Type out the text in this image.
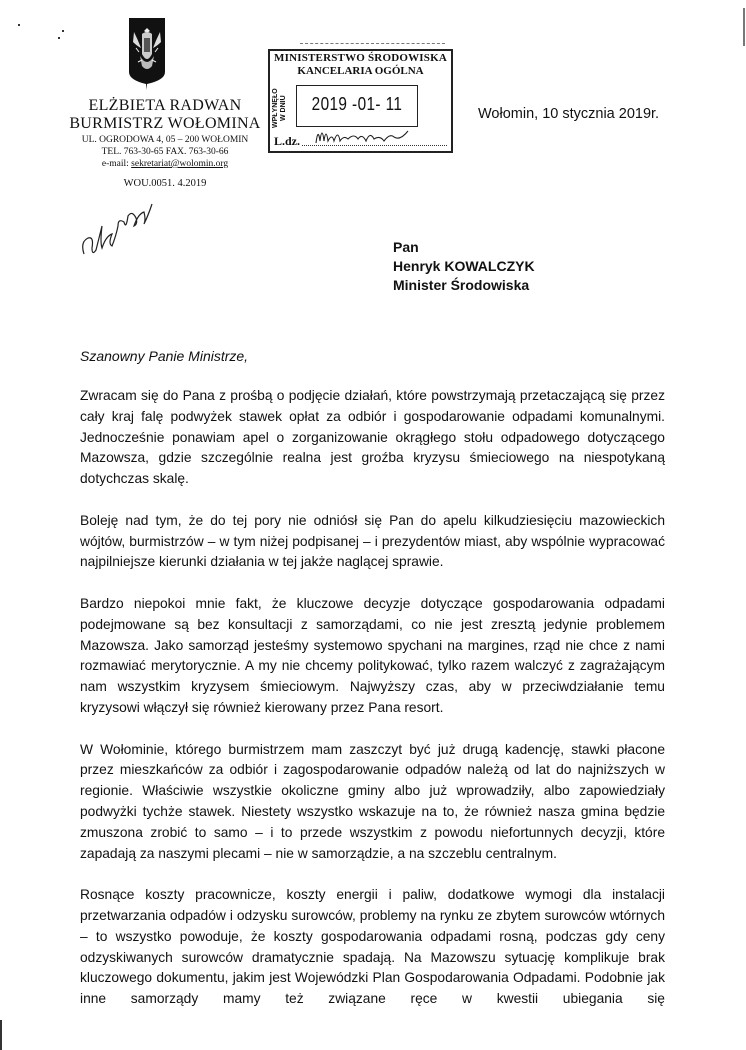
ELŻBIETA RADWAN
BURMISTRZ WOŁOMINA
UL. OGRODOWA 4, 05 – 200 WOŁOMIN
TEL. 763-30-65 FAX. 763-30-66
e-mail: sekretariat@wolomin.org
WOU.0051. 4.2019
MINISTERSTWO ŚRODOWISKA
KANCELARIA OGÓLNA
WPŁYNĘŁO W DNIU	2019 -01- 11
L.dz.
Wołomin, 10 stycznia 2019r.
Pan
Henryk KOWALCZYK
Minister Środowiska
Szanowny Panie Ministrze,

Zwracam się do Pana z prośbą o podjęcie działań, które powstrzymają przetaczającą się przez cały kraj falę podwyżek stawek opłat za odbiór i gospodarowanie odpadami komunalnymi. Jednocześnie ponawiam apel o zorganizowanie okrągłego stołu odpadowego dotyczącego Mazowsza, gdzie szczególnie realna jest groźba kryzysu śmieciowego na niespotykaną dotychczas skalę.

Boleję nad tym, że do tej pory nie odniósł się Pan do apelu kilkudziesięciu mazowieckich wójtów, burmistrzów – w tym niżej podpisanej – i prezydentów miast, aby wspólnie wypracować najpilniejsze kierunki działania w tej jakże naglącej sprawie.

Bardzo niepokoi mnie fakt, że kluczowe decyzje dotyczące gospodarowania odpadami podejmowane są bez konsultacji z samorządami, co nie jest zresztą jedynie problemem Mazowsza. Jako samorząd jesteśmy systemowo spychani na margines, rząd nie chce z nami rozmawiać merytorycznie. A my nie chcemy politykować, tylko razem walczyć z zagrażającym nam wszystkim kryzysem śmieciowym. Najwyższy czas, aby w przeciwdziałanie temu kryzysowi włączył się również kierowany przez Pana resort.

W Wołominie, którego burmistrzem mam zaszczyt być już drugą kadencję, stawki płacone przez mieszkańców za odbiór i zagospodarowanie odpadów należą od lat do najniższych w regionie. Właściwie wszystkie okoliczne gminy albo już wprowadziły, albo zapowiedziały podwyżki tychże stawek. Niestety wszystko wskazuje na to, że również nasza gmina będzie zmuszona zrobić to samo – i to przede wszystkim z powodu niefortunnych decyzji, które zapadają za naszymi plecami – nie w samorządzie, a na szczeblu centralnym.

Rosnące koszty pracownicze, koszty energii i paliw, dodatkowe wymogi dla instalacji przetwarzania odpadów i odzysku surowców, problemy na rynku ze zbytem surowców wtórnych – to wszystko powoduje, że koszty gospodarowania odpadami rosną, podczas gdy ceny odzyskiwanych surowców dramatycznie spadają. Na Mazowszu sytuację komplikuje brak kluczowego dokumentu, jakim jest Wojewódzki Plan Gospodarowania Odpadami. Podobnie jak inne samorządy mamy też związane ręce w kwestii ubiegania się
